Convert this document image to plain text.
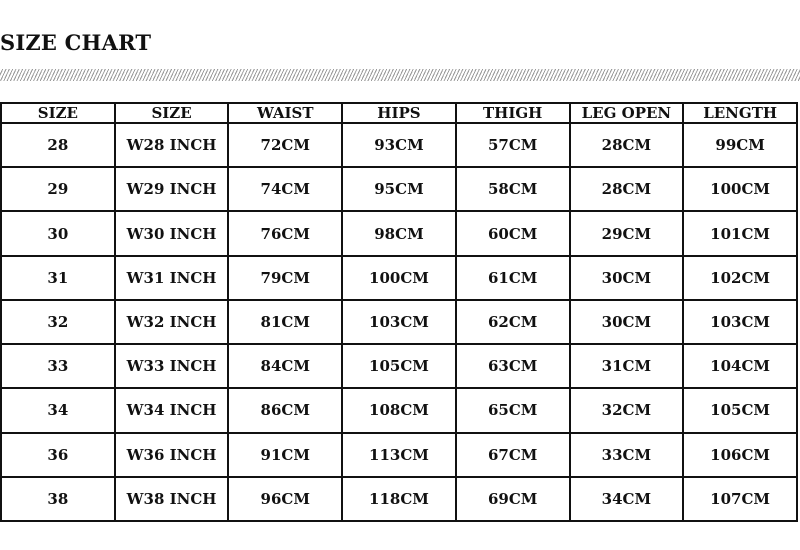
SIZE CHART
SIZE	SIZE	WAIST	HIPS	THIGH	LEG OPEN	LENGTH
28	W28 INCH	72CM	93CM	57CM	28CM	99CM
29	W29 INCH	74CM	95CM	58CM	28CM	100CM
30	W30 INCH	76CM	98CM	60CM	29CM	101CM
31	W31 INCH	79CM	100CM	61CM	30CM	102CM
32	W32 INCH	81CM	103CM	62CM	30CM	103CM
33	W33 INCH	84CM	105CM	63CM	31CM	104CM
34	W34 INCH	86CM	108CM	65CM	32CM	105CM
36	W36 INCH	91CM	113CM	67CM	33CM	106CM
38	W38 INCH	96CM	118CM	69CM	34CM	107CM
